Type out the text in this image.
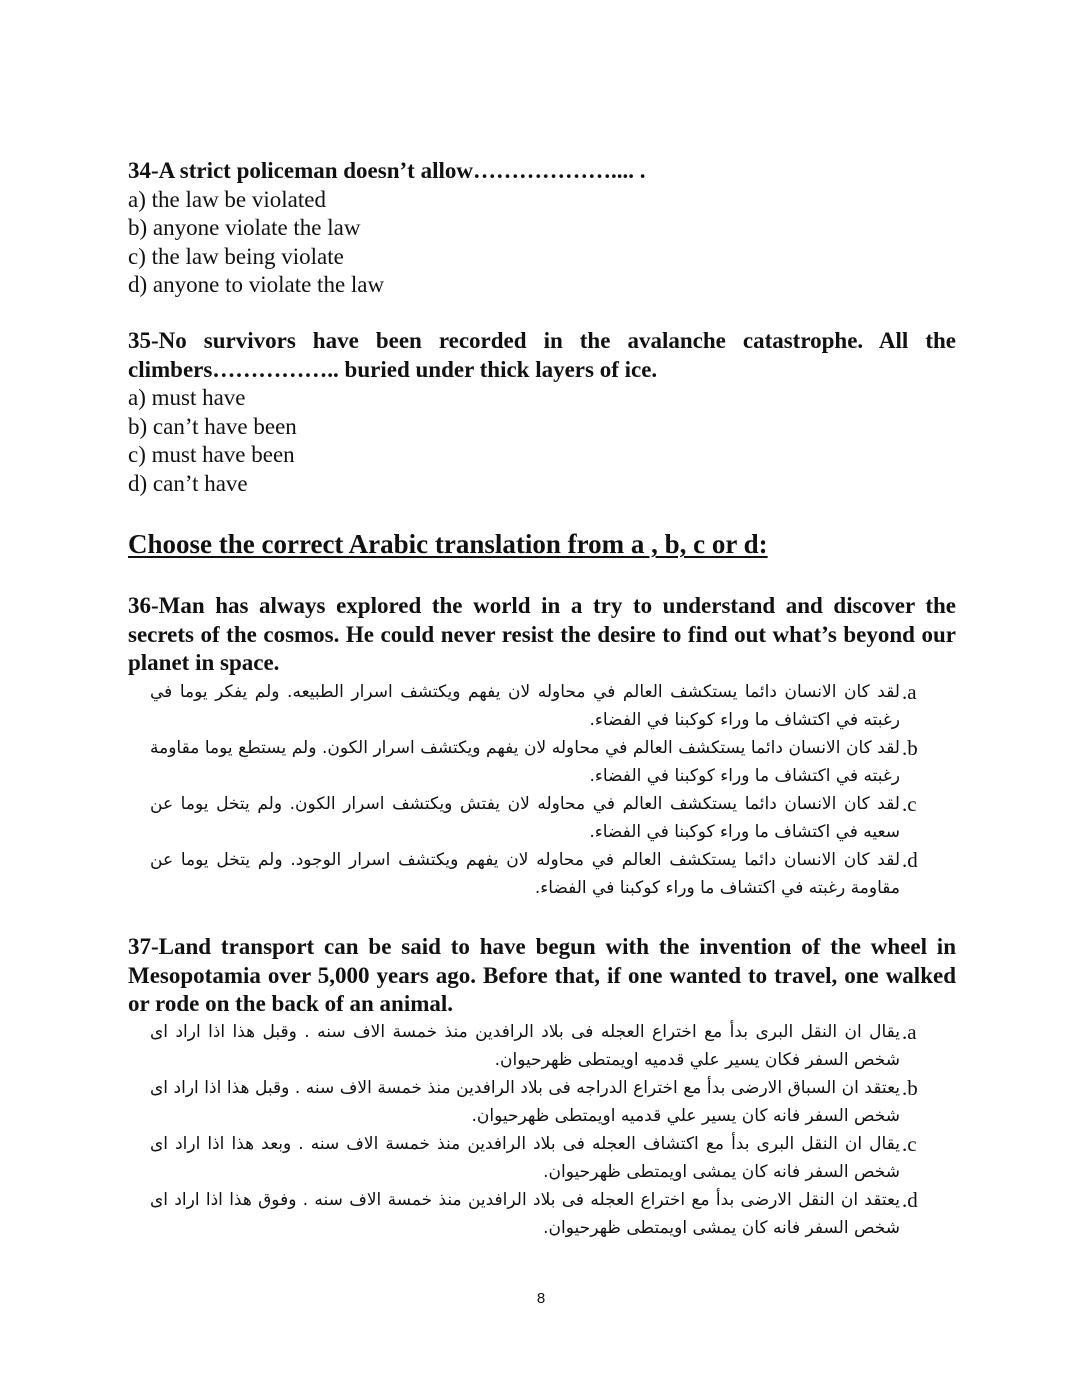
34-A strict policeman doesn’t allow……………….... .
a) the law be violated
b) anyone violate the law
c) the law being violate
d) anyone to violate the law
35-No survivors have been recorded in the avalanche catastrophe. All the climbers…………….. buried under thick layers of ice.
a) must have
b) can’t have been
c) must have been
d) can’t have
Choose the correct Arabic translation from a , b, c or d:
36-Man has always explored the world in a try to understand and discover the secrets of the cosmos. He could never resist the desire to find out what’s beyond our planet in space.
.a
لقد كان الانسان دائما يستكشف العالم في محاوله لان يفهم ويكتشف اسرار الطبيعه. ولم يفكر يوما في رغبته في اكتشاف ما وراء كوكبنا في الفضاء.
.b
لقد كان الانسان دائما يستكشف العالم في محاوله لان يفهم ويكتشف اسرار الكون. ولم يستطع يوما مقاومة رغبته في اكتشاف ما وراء كوكبنا في الفضاء.
.c
لقد كان الانسان دائما يستكشف العالم في محاوله لان يفتش ويكتشف اسرار الكون. ولم يتخل يوما عن سعيه في اكتشاف ما وراء كوكبنا في الفضاء.
.d
لقد كان الانسان دائما يستكشف العالم في محاوله لان يفهم ويكتشف اسرار الوجود. ولم يتخل يوما عن مقاومة رغبته في اكتشاف ما وراء كوكبنا في الفضاء.
37-Land transport can be said to have begun with the invention of the wheel in Mesopotamia over 5,000 years ago. Before that, if one wanted to travel, one walked or rode on the back of an animal.
.a
يقال ان النقل البرى بدأ مع اختراع العجله فى بلاد الرافدين منذ خمسة الاف سنه . وقبل هذا اذا اراد اى شخص السفر فكان يسير علي قدميه اويمتطى ظهرحيوان.
.b
يعتقد ان السباق الارضى بدأ مع اختراع الدراجه فى بلاد الرافدين منذ خمسة الاف سنه . وقبل هذا اذا اراد اى شخص السفر فانه كان يسير علي قدميه اويمتطى ظهرحيوان.
.c
يقال ان النقل البرى بدأ مع اكتشاف العجله فى بلاد الرافدين منذ خمسة الاف سنه . وبعد هذا اذا اراد اى شخص السفر فانه كان يمشى اويمتطى ظهرحيوان.
.d
يعتقد ان النقل الارضى بدأ مع اختراع العجله فى بلاد الرافدين منذ خمسة الاف سنه . وفوق هذا اذا اراد اى شخص السفر فانه كان يمشى اويمتطى ظهرحيوان.
8
